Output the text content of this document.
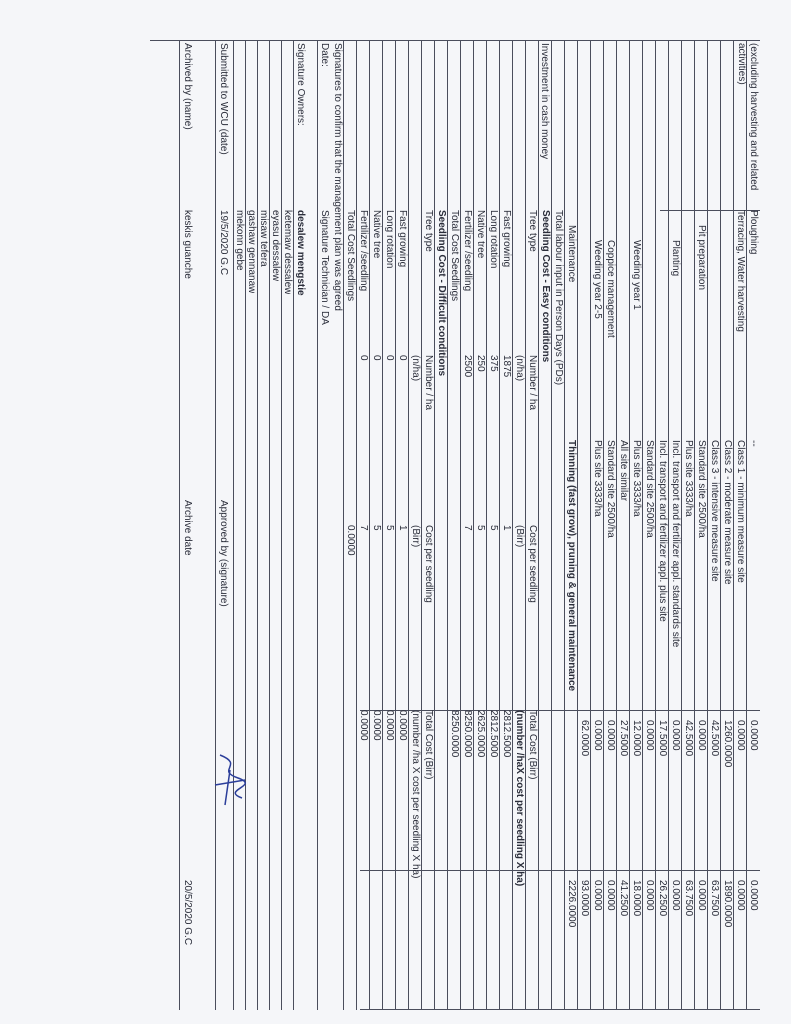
Ploughing
--
0.0000
0.0000
(excluding harvesting and related activities)
Terracing, Water harvesting
Class 1 - minimum measure site
0.0000
0.0000
Class 2 - moderate measure site
1260.0000
1890.0000
Class 3 - intensive measure site
42.5000
63.7500
Pit preparation
Standard site 2500/ha
0.0000
0.0000
Plus site 3333/ha
42.5000
63.7500
Planting
Incl. transport and fertilizer appl. standards site
0.0000
0.0000
Incl. transport and fertilizer appl. plus site
17.5000
26.2500
Standard site 2500/ha
0.0000
0.0000
Weeding year 1
Plus site 3333/ha
12.0000
18.0000
All site similar
27.5000
41.2500
Coppice management
Standard site 2500/ha
0.0000
0.0000
Weeding year 2-5
Plus site 3333/ha
0.0000
0.0000
62.0000
93.0000
Maintenance
Thinning (fast grow), pruning & general maintenance
2226.0000
Total labour input in Person Days (PDs)
Investment in cash money
Seedling Cost - Easy conditions
Tree type
Number / ha
Cost per seedling
Total Cost (Birr)
(n/ha)
(Birr)
(number /haX cost per seedling X ha)
Fast growing
1875
1
2812.5000
Long rotation
375
5
2812.5000
Native tree
250
5
2625.0000
Fertilizer /seedling
2500
7
8250.0000
Total Cost Seedlings
8250.0000
Seedling Cost - Difficult conditions
Tree type
Number / ha
Cost per seedling
Total Cost (Birr)
(n/ha)
(Birr)
(number /ha X cost per seedling X ha)
Fast growing
0
1
0.0000
Long rotation
0
5
0.0000
Native tree
0
5
0.0000
Fertilizer /seedling
0
7
0.0000
Total Cost Seedlings
0.0000
Signatures to confirm that the management plan was agreed
Date:
Signature Technician / DA
Signature Owners:
desalew mengstie
ketemaw dessalew
eyasu dessalew
misaw tefera
gashaw gennanaw
mekonn gebe
Submitted to WCU (date)
19/5/2020 G.C
Approved by (signature)
Archived by (name)
keskis guanche
Archive date
20/5/2020 G.C
